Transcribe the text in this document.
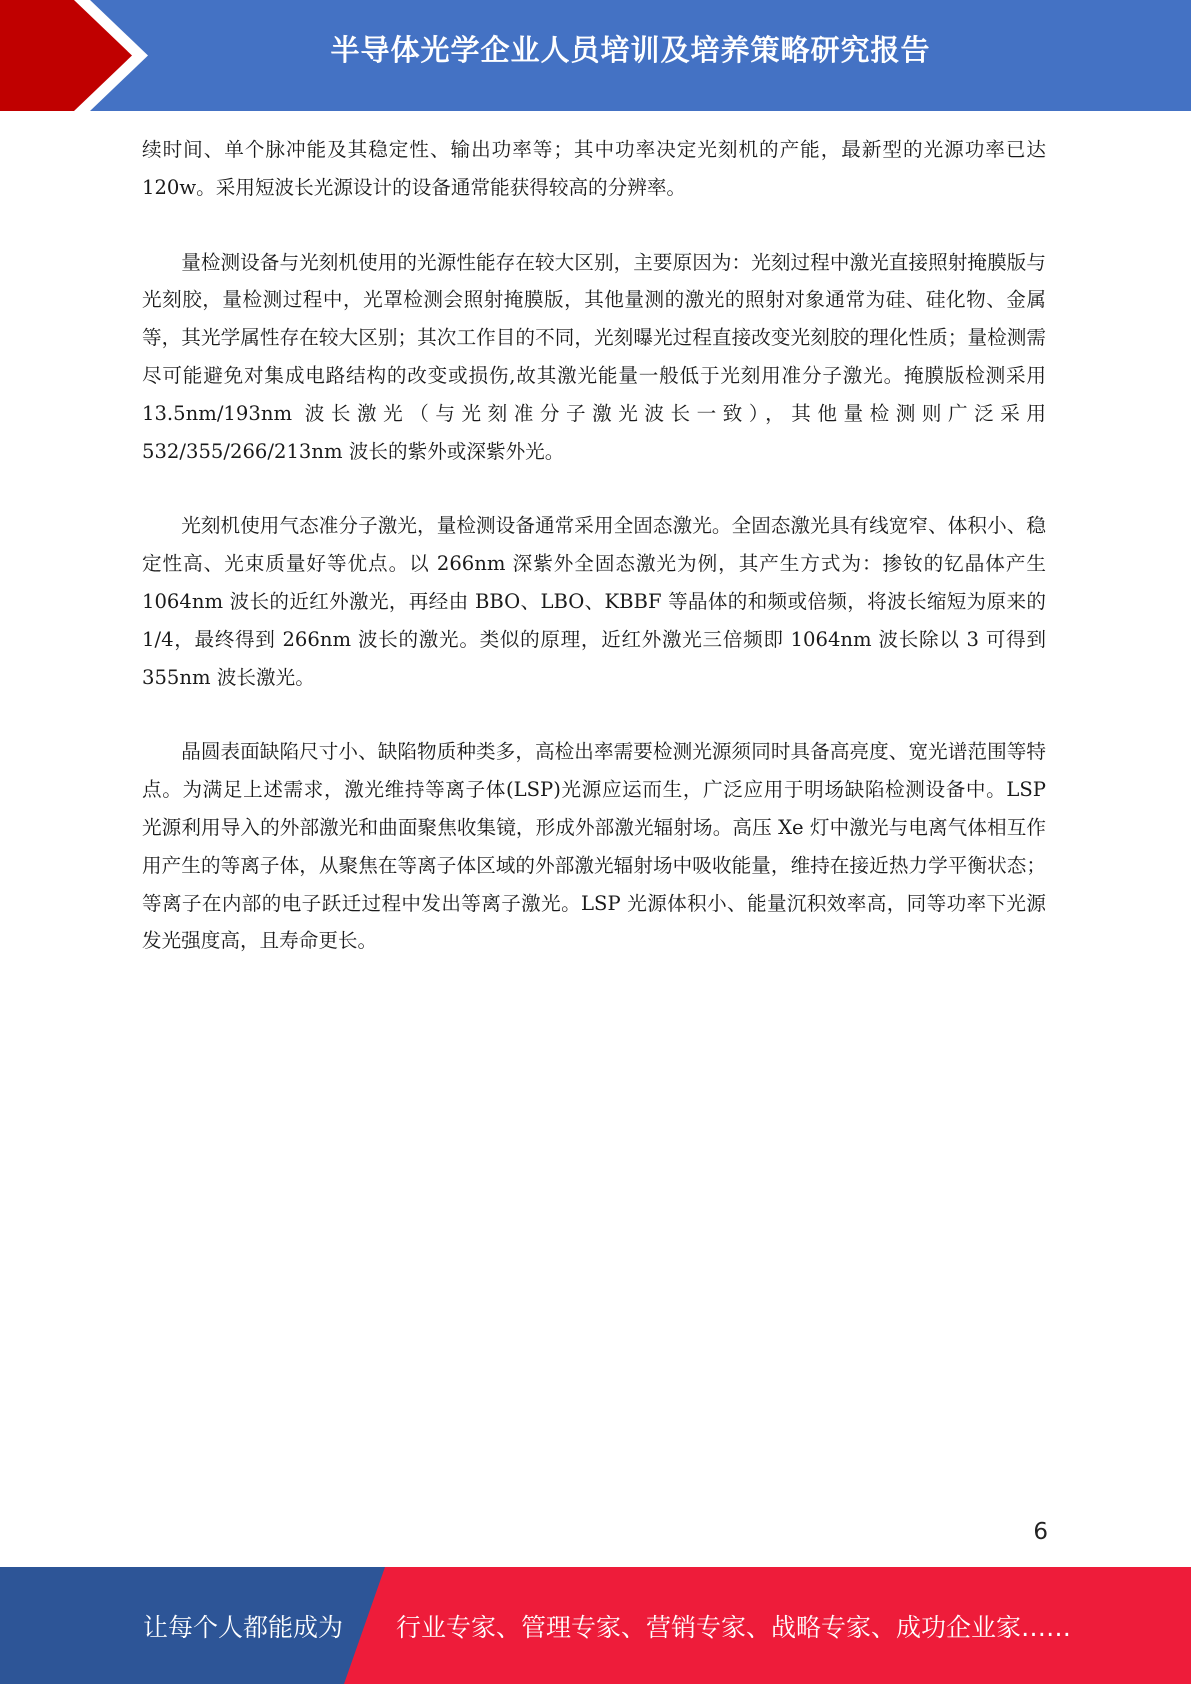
半导体光学企业人员培训及培养策略研究报告

续时间、单个脉冲能及其稳定性、输出功率等；其中功率决定光刻机的产能，最新型的光源功率已达 120w。采用短波长光源设计的设备通常能获得较高的分辨率。

量检测设备与光刻机使用的光源性能存在较大区别，主要原因为：光刻过程中激光直接照射掩膜版与光刻胶，量检测过程中，光罩检测会照射掩膜版，其他量测的激光的照射对象通常为硅、硅化物、金属等，其光学属性存在较大区别；其次工作目的不同，光刻曝光过程直接改变光刻胶的理化性质；量检测需尽可能避免对集成电路结构的改变或损伤,故其激光能量一般低于光刻用准分子激光。掩膜版检测采用 13.5nm/193nm 波长激光（与光刻准分子激光波长一致），其他量检测则广泛采用 532/355/266/213nm 波长的紫外或深紫外光。

光刻机使用气态准分子激光，量检测设备通常采用全固态激光。全固态激光具有线宽窄、体积小、稳定性高、光束质量好等优点。以 266nm 深紫外全固态激光为例，其产生方式为：掺钕的钇晶体产生 1064nm 波长的近红外激光，再经由 BBO、LBO、KBBF 等晶体的和频或倍频，将波长缩短为原来的 1/4，最终得到 266nm 波长的激光。类似的原理，近红外激光三倍频即 1064nm 波长除以 3 可得到 355nm 波长激光。

晶圆表面缺陷尺寸小、缺陷物质种类多，高检出率需要检测光源须同时具备高亮度、宽光谱范围等特点。为满足上述需求，激光维持等离子体(LSP)光源应运而生，广泛应用于明场缺陷检测设备中。LSP 光源利用导入的外部激光和曲面聚焦收集镜，形成外部激光辐射场。高压 Xe 灯中激光与电离气体相互作用产生的等离子体，从聚焦在等离子体区域的外部激光辐射场中吸收能量，维持在接近热力学平衡状态；等离子在内部的电子跃迁过程中发出等离子激光。LSP 光源体积小、能量沉积效率高，同等功率下光源发光强度高，且寿命更长。

6
让每个人都能成为 行业专家、管理专家、营销专家、战略专家、成功企业家……
